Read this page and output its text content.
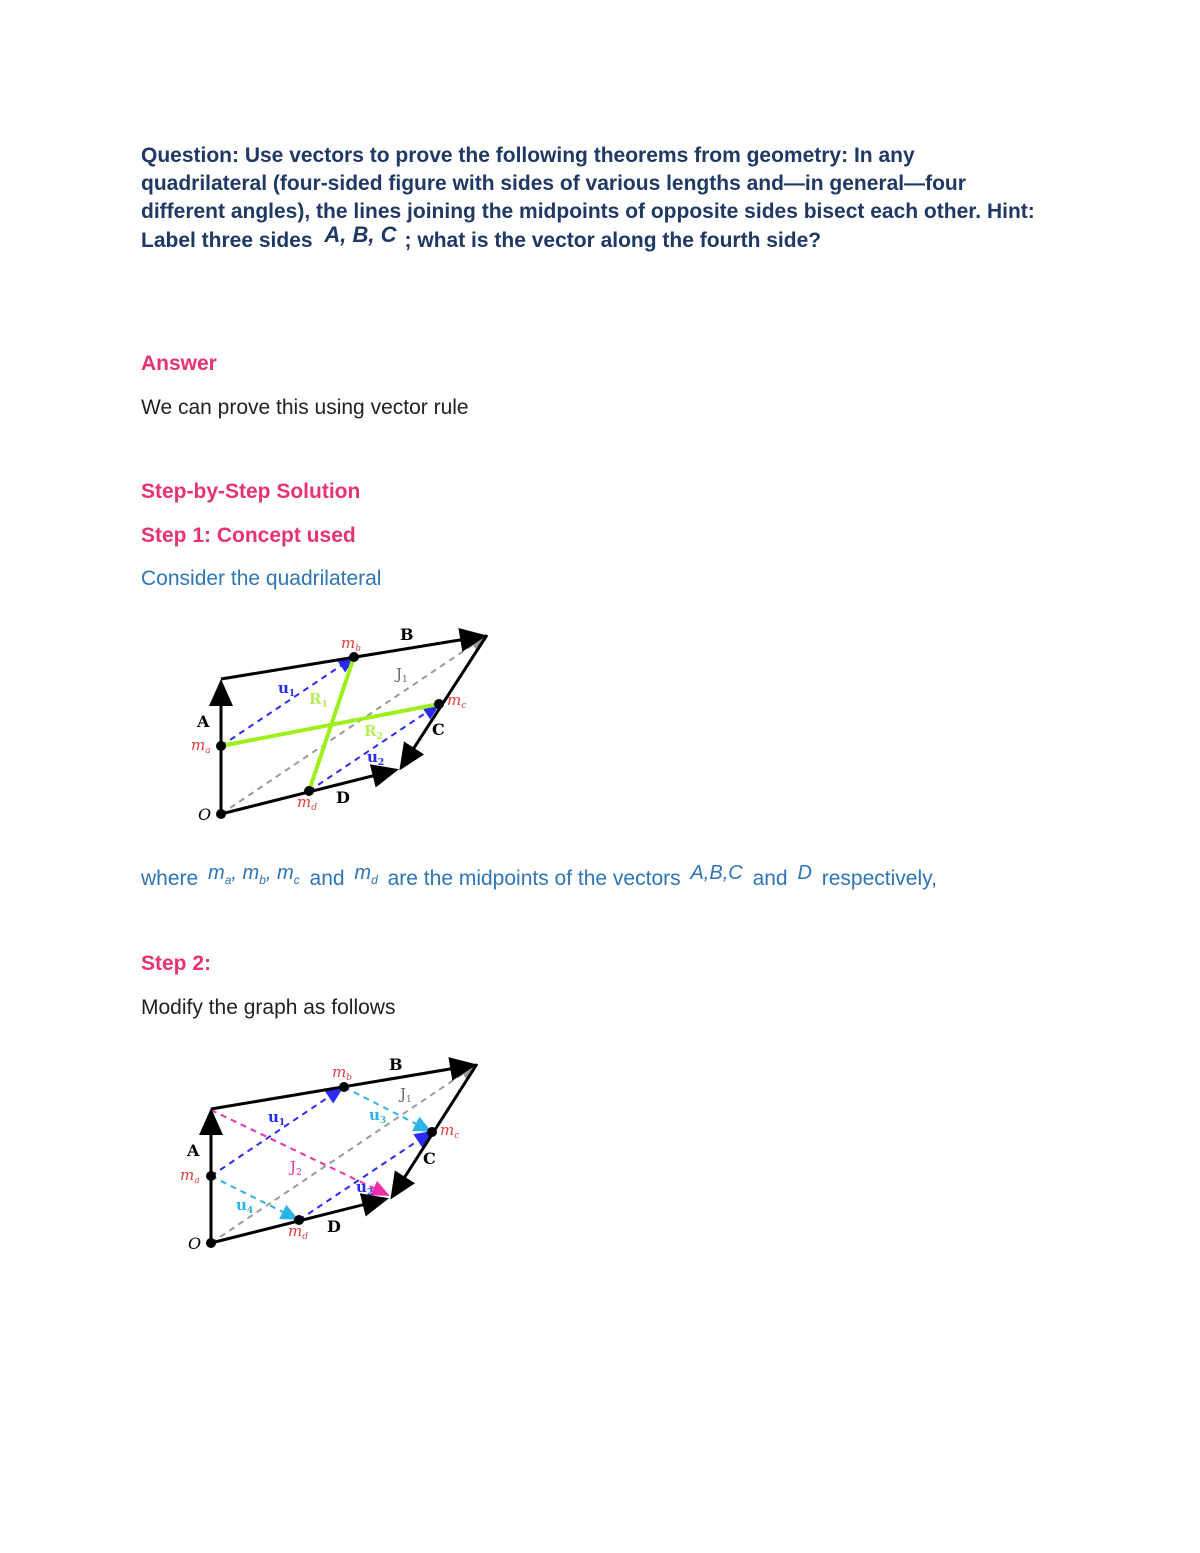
Question: Use vectors to prove the following theorems from geometry: In any quadrilateral (four-sided figure with sides of various lengths and—in general—four different angles), the lines joining the midpoints of opposite sides bisect each other. Hint: Label three sides A, B, C ; what is the vector along the fourth side?
Answer
We can prove this using vector rule
Step-by-Step Solution
Step 1: Concept used
Consider the quadrilateral
where $m_a$, $m_b$, $m_c$ and $m_d$ are the midpoints of the vectors A,B,C and D respectively,
Step 2:
Modify the graph as follows
A
B
C
D
O
$m_a$
$m_b$
$m_c$
$m_d$
$u_1$
$u_2$
$J_1$
$R_1$
$R_2$
A
B
C
D
O
$m_a$
$m_b$
$m_c$
$m_d$
$u_1$
$u_2$
$u_3$
$u_4$
$J_1$
$J_2$
